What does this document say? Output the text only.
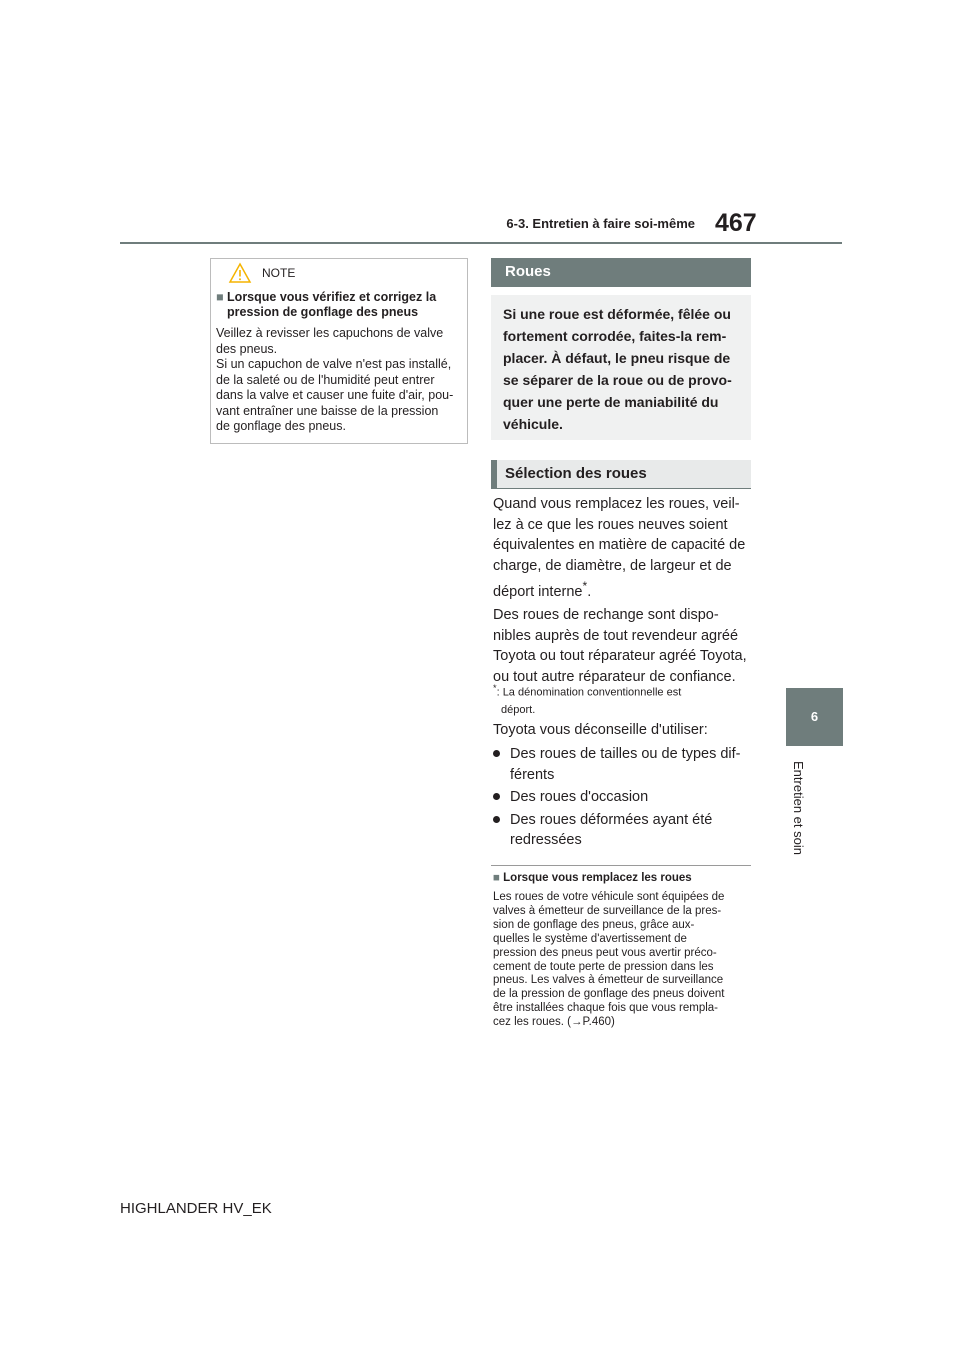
6-3. Entretien à faire soi-même 467
6
Entretien et soin
NOTE
■ Lorsque vous vérifiez et corrigez la pression de gonflage des pneus
Veillez à revisser les capuchons de valve
des pneus.
Si un capuchon de valve n'est pas installé,
de la saleté ou de l'humidité peut entrer
dans la valve et causer une fuite d'air, pou-
vant entraîner une baisse de la pression
de gonflage des pneus.
Roues
Si une roue est déformée, fêlée ou
fortement corrodée, faites-la rem-
placer. À défaut, le pneu risque de
se séparer de la roue ou de provo-
quer une perte de maniabilité du
véhicule.
Sélection des roues
Quand vous remplacez les roues, veil-
lez à ce que les roues neuves soient
équivalentes en matière de capacité de
charge, de diamètre, de largeur et de
déport interne*.
Des roues de rechange sont dispo-
nibles auprès de tout revendeur agréé
Toyota ou tout réparateur agréé Toyota,
ou tout autre réparateur de confiance.
*: La dénomination conventionnelle est
déport.
Toyota vous déconseille d'utiliser:
Des roues de tailles ou de types dif-
férents
Des roues d'occasion
Des roues déformées ayant été
redressées
■ Lorsque vous remplacez les roues
Les roues de votre véhicule sont équipées de
valves à émetteur de surveillance de la pres-
sion de gonflage des pneus, grâce aux-
quelles le système d'avertissement de
pression des pneus peut vous avertir préco-
cement de toute perte de pression dans les
pneus. Les valves à émetteur de surveillance
de la pression de gonflage des pneus doivent
être installées chaque fois que vous rempla-
cez les roues. (→P.460)
HIGHLANDER HV_EK
